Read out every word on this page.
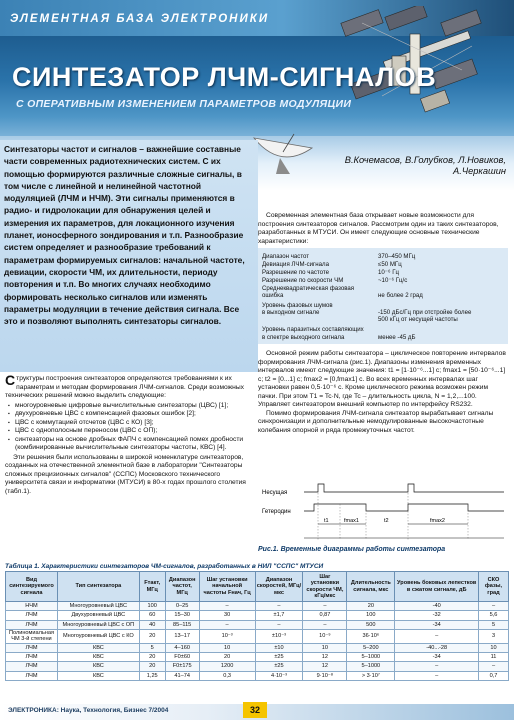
ЭЛЕМЕНТНАЯ БАЗА ЭЛЕКТРОНИКИ
СИНТЕЗАТОР ЛЧМ-СИГНАЛОВ
С ОПЕРАТИВНЫМ ИЗМЕНЕНИЕМ ПАРАМЕТРОВ МОДУЛЯЦИИ
Синтезаторы частот и сигналов – важнейшие составные части современных радиотехнических систем. С их помощью формируются различные сложные сигналы, в том числе с линейной и нелинейной частотной модуляцией (ЛЧМ и НЧМ). Эти сигналы применяются в радио- и гидролокации для обнаружения целей и измерения их параметров, для локационного изучения планет, ионосферного зондирования и т.п. Разнообразие систем определяет и разнообразие требований к параметрам формируемых сигналов: начальной частоте, девиации, скорости ЧМ, их длительности, периоду повторения и т.п. Во многих случаях необходимо формировать несколько сигналов или изменять параметры модуляции в течение действия сигнала. Все это и позволяют выполнять синтезаторы сигналов.
В.Кочемасов, В.Голубков, Л.Новиков,
А.Черкашин

Структуры построения синтезаторов определяются требованиями к их параметрам и методам формирования ЛЧМ-сигналов. Среди возможных технических решений можно выделить следующие:

▪ многоуровневые цифровые вычислительные синтезаторы (ЦВС) [1];
▪ двухуровневые ЦВС с компенсацией фазовых ошибок [2];
▪ ЦВС с коммутацией отсчетов (ЦВС с КО) [3];
▪ ЦВС с однополосным переносом (ЦВС с ОП);
▪ синтезаторы на основе дробных ФАПЧ с компенсацией помех дробности (комбинированные вычислительные синтезаторы частоты, КВС) [4].

Эти решения были использованы в широкой номенклатуре синтезаторов, созданных на отечественной элементной базе в лаборатории "Синтезаторы сложных прецизионных сигналов" (ССПС) Московского технического университета связи и информатики (МТУСИ) в 80-х годах прошлого столетия (табл.1).

Современная элементная база открывает новые возможности для построения синтезаторов сигналов. Рассмотрим один из таких синтезаторов, разработанных в МТУСИ. Он имеет следующие основные технические характеристики:
Диапазон частот	370–450 МГц
Девиация ЛЧМ-сигнала	≤50 МГц
Разрешение по частоте	10⁻⁶ Гц
Разрешение по скорости ЧМ	~10⁻⁶ Гц/с
Среднеквадратическая фазовая
ошибка	не более 2 град
Уровень фазовых шумов
в выходном сигнале	-150 дБс/Гц при отстройке более
500 кГц от несущей частоты
Уровень паразитных составляющих
в спектре выходного сигнала	менее -45 дБ

Основной режим работы синтезатора – циклическое повторение интервалов формирования ЛЧМ-сигнала (рис.1). Диапазоны изменения временных интервалов имеют следующие значения: t1 = [1·10⁻⁶...1] с; fmax1 = [50·10⁻⁶...1] с; t2 = [0...1] с; fmax2 = [0,fmax1] с. Во всех временных интервалах шаг установки равен 0,5·10⁻⁶ с. Кроме циклического режима возможен режим пачки. При этом T1 = Tc·N, где Tc – длительность цикла, N = 1,2,...100. Управляет синтезатором внешний компьютер по интерфейсу RS232.

Помимо формирования ЛЧМ-сигнала синтезатор вырабатывает сигналы синхронизации и дополнительные немодулированные высокочастотные колебания опорной и ряда промежуточных частот.

Несущая
Гетеродин
t1	fmax1	t2	fmax2
Рис.1. Временные диаграммы работы синтезатора
Таблица 1. Характеристики синтезаторов ЧМ-сигналов, разработанных в НИЛ "ССПС" МТУСИ
Вид синтезируемого сигнала	Тип синтезатора	Fтакт, МГц	Диапазон частот, МГц	Шаг установки начальной частоты Fнач, Гц	Диапазон скоростей, МГц/мкс	Шаг установки скорости ЧМ, кГц/мкс	Длительность сигнала, мкс	Уровень боковых лепестков в сжатом сигнале, дБ	СКО фазы, град
НЧМ	Многоуровневый ЦВС	100	0–25	–	–	–	20	-40	–
ЛЧМ	Двухуровневый ЦВС	60	15–30	30	±1,7	0,87	100	-32	5,6
ЛЧМ	Многоуровневый ЦВС с ОП	40	85–115	–	–	–	500	-34	5
Полиномиальная ЧМ 3-й степени	Многоуровневый ЦВС с КО	20	13–17	10⁻³	±10⁻³	10⁻⁹	36·10⁶	–	3
ЛЧМ	КВС	5	4–160	10	±10	10	5–200	-40...-28	10
ЛЧМ	КВС	20	F0±60	20	±25	12	5–1000	-34	11
ЛЧМ	КВС	20	F0±175	1200	±25	12	5–1000	–	–
ЛЧМ	КВС	1,25	41–74	0,3	4·10⁻³	9·10⁻⁸	> 3·10⁷	–	0,7
ЭЛЕКТРОНИКА: Наука, Технология, Бизнес 7/2004	32
